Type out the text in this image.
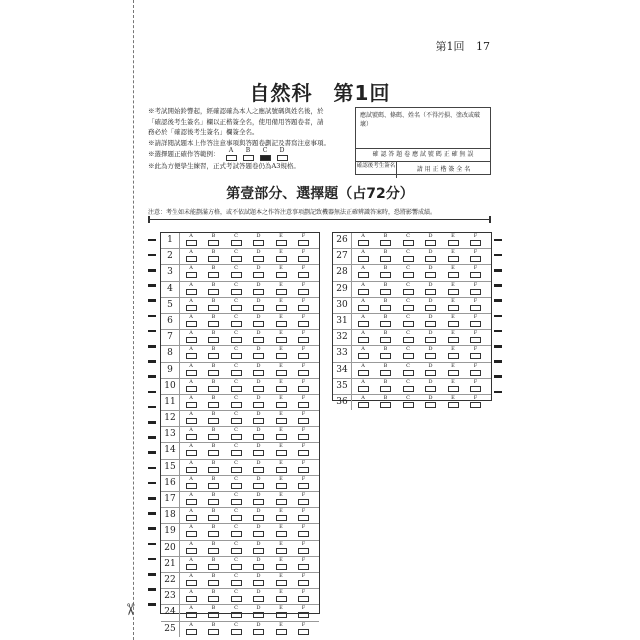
✂
第1回 17
自然科　第1回

※考試開始鈴響起，經確認確為本人之應試號碼與姓名後，於

「確認後考生簽名」欄以正楷簽全名，使用備用答題卷者，請

務必於「確認後考生簽名」欄簽全名。

※請詳閱試題本上作答注意事項與答題卷劃記及書寫注意事項。

※選擇題正確作答範例： A B C D

※此為方便學生練習，正式考試答題卷仍為A3規格。

應試號碼、條碼、姓名（不得污損、塗改或破壞）
確 認 答 題 卷 應 試 號 碼 正 確 無 誤
確認後考生簽名	請 用 正 楷 簽 全 名
第壹部分、選擇題（占72分）
注意：考生如未能劃滿方格，或不依試題本之作答注意事項劃記致機器無法正確辨識答案時，恐將影響成績。
1	A	B	C	D	E	F
2	A	B	C	D	E	F
3	A	B	C	D	E	F
4	A	B	C	D	E	F
5	A	B	C	D	E	F
6	A	B	C	D	E	F
7	A	B	C	D	E	F
8	A	B	C	D	E	F
9	A	B	C	D	E	F
10	A	B	C	D	E	F
11	A	B	C	D	E	F
12	A	B	C	D	E	F
13	A	B	C	D	E	F
14	A	B	C	D	E	F
15	A	B	C	D	E	F
16	A	B	C	D	E	F
17	A	B	C	D	E	F
18	A	B	C	D	E	F
19	A	B	C	D	E	F
20	A	B	C	D	E	F
21	A	B	C	D	E	F
22	A	B	C	D	E	F
23	A	B	C	D	E	F
24	A	B	C	D	E	F
25	A	B	C	D	E	F
26	A	B	C	D	E	F
27	A	B	C	D	E	F
28	A	B	C	D	E	F
29	A	B	C	D	E	F
30	A	B	C	D	E	F
31	A	B	C	D	E	F
32	A	B	C	D	E	F
33	A	B	C	D	E	F
34	A	B	C	D	E	F
35	A	B	C	D	E	F
36	A	B	C	D	E	F
